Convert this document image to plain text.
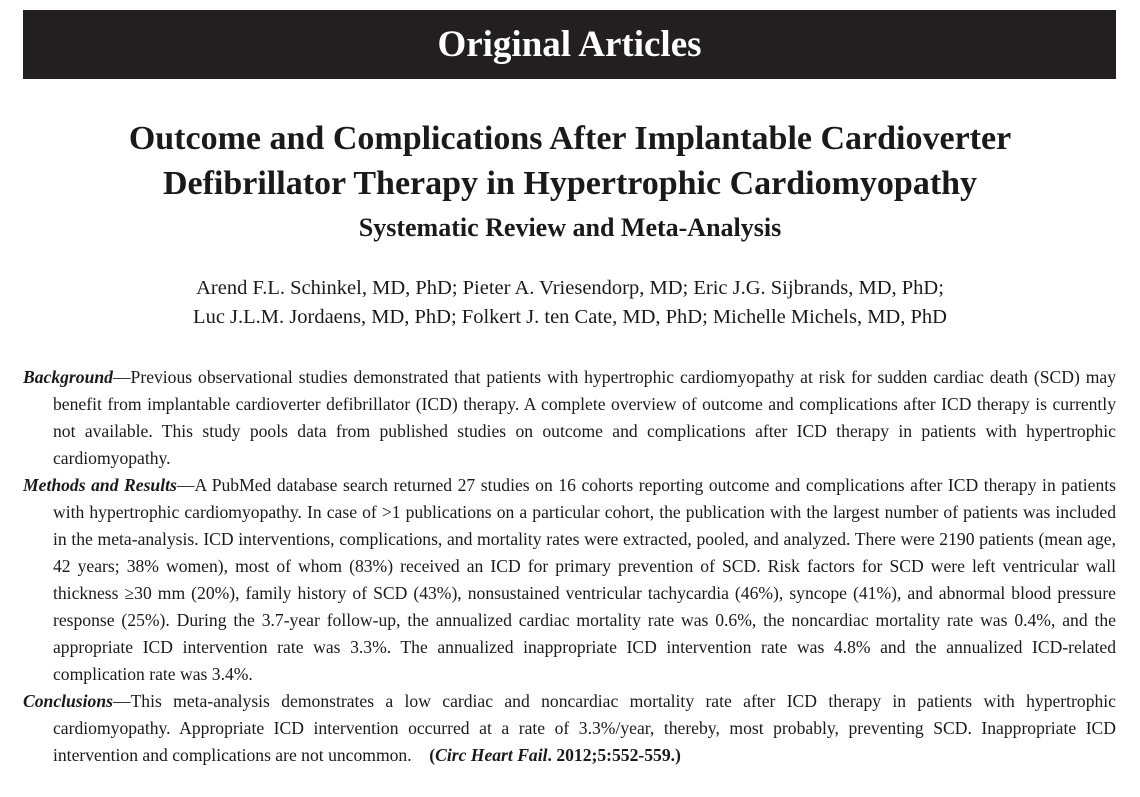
Original Articles
Outcome and Complications After Implantable Cardioverter
Defibrillator Therapy in Hypertrophic Cardiomyopathy
Systematic Review and Meta-Analysis
Arend F.L. Schinkel, MD, PhD; Pieter A. Vriesendorp, MD; Eric J.G. Sijbrands, MD, PhD;
Luc J.L.M. Jordaens, MD, PhD; Folkert J. ten Cate, MD, PhD; Michelle Michels, MD, PhD

Background—Previous observational studies demonstrated that patients with hypertrophic cardiomyopathy at risk for sudden cardiac death (SCD) may benefit from implantable cardioverter defibrillator (ICD) therapy. A complete overview of outcome and complications after ICD therapy is currently not available. This study pools data from published studies on outcome and complications after ICD therapy in patients with hypertrophic cardiomyopathy.

Methods and Results—A PubMed database search returned 27 studies on 16 cohorts reporting outcome and complications after ICD therapy in patients with hypertrophic cardiomyopathy. In case of >1 publications on a particular cohort, the publication with the largest number of patients was included in the meta-analysis. ICD interventions, complications, and mortality rates were extracted, pooled, and analyzed. There were 2190 patients (mean age, 42 years; 38% women), most of whom (83%) received an ICD for primary prevention of SCD. Risk factors for SCD were left ventricular wall thickness ≥30 mm (20%), family history of SCD (43%), nonsustained ventricular tachycardia (46%), syncope (41%), and abnormal blood pressure response (25%). During the 3.7-year follow-up, the annualized cardiac mortality rate was 0.6%, the noncardiac mortality rate was 0.4%, and the appropriate ICD intervention rate was 3.3%. The annualized inappropriate ICD intervention rate was 4.8% and the annualized ICD-related complication rate was 3.4%.

Conclusions—This meta-analysis demonstrates a low cardiac and noncardiac mortality rate after ICD therapy in patients with hypertrophic cardiomyopathy. Appropriate ICD intervention occurred at a rate of 3.3%/year, thereby, most probably, preventing SCD. Inappropriate ICD intervention and complications are not uncommon. (Circ Heart Fail. 2012;5:552-559.)
